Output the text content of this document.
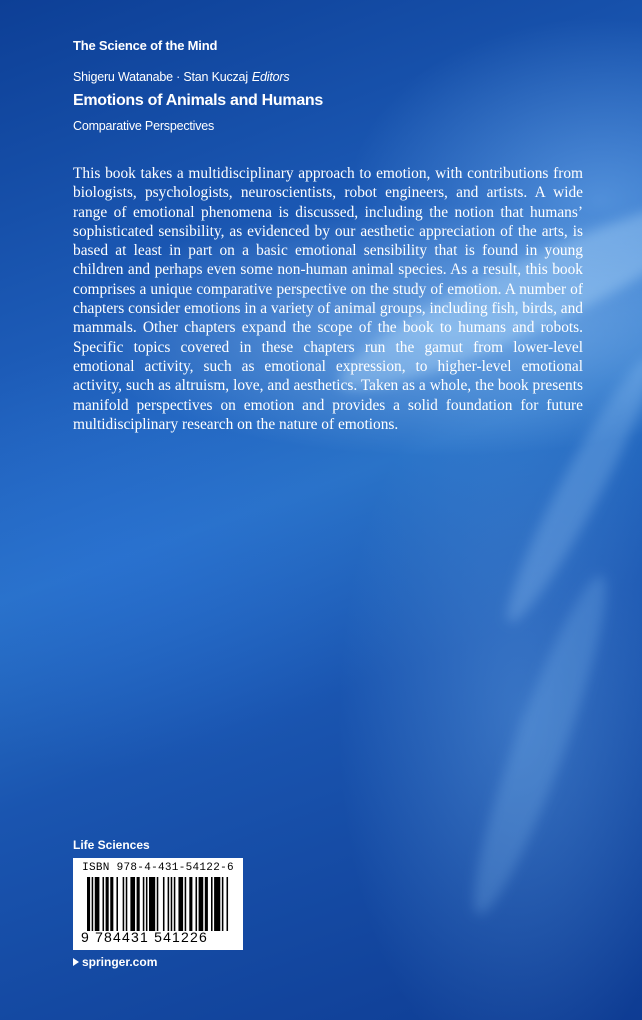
The Science of the Mind
Shigeru Watanabe · Stan Kuczaj Editors
Emotions of Animals and Humans
Comparative Perspectives

This book takes a multidisciplinary approach to emotion, with contributions from biologists, psychologists, neuroscientists, robot engineers, and artists. A wide range of emotional phenomena is discussed, including the notion that humans’ sophisticated sensibility, as evidenced by our aesthetic appreciation of the arts, is based at least in part on a basic emotional sensibility that is found in young children and perhaps even some non-human animal species. As a result, this book comprises a unique comparative perspective on the study of emotion. A number of chapters consider emotions in a variety of animal groups, including fish, birds, and mammals. Other chapters expand the scope of the book to humans and robots. Specific topics covered in these chapters run the gamut from lower-level emotional activity, such as emotional expression, to higher-level emotional activity, such as altruism, love, and aesthetics. Taken as a whole, the book presents manifold perspectives on emotion and provides a solid foundation for future multidisciplinary research on the nature of emotions.

Life Sciences
ISBN 978-4-431-54122-6
9 784431 541226
springer.com
